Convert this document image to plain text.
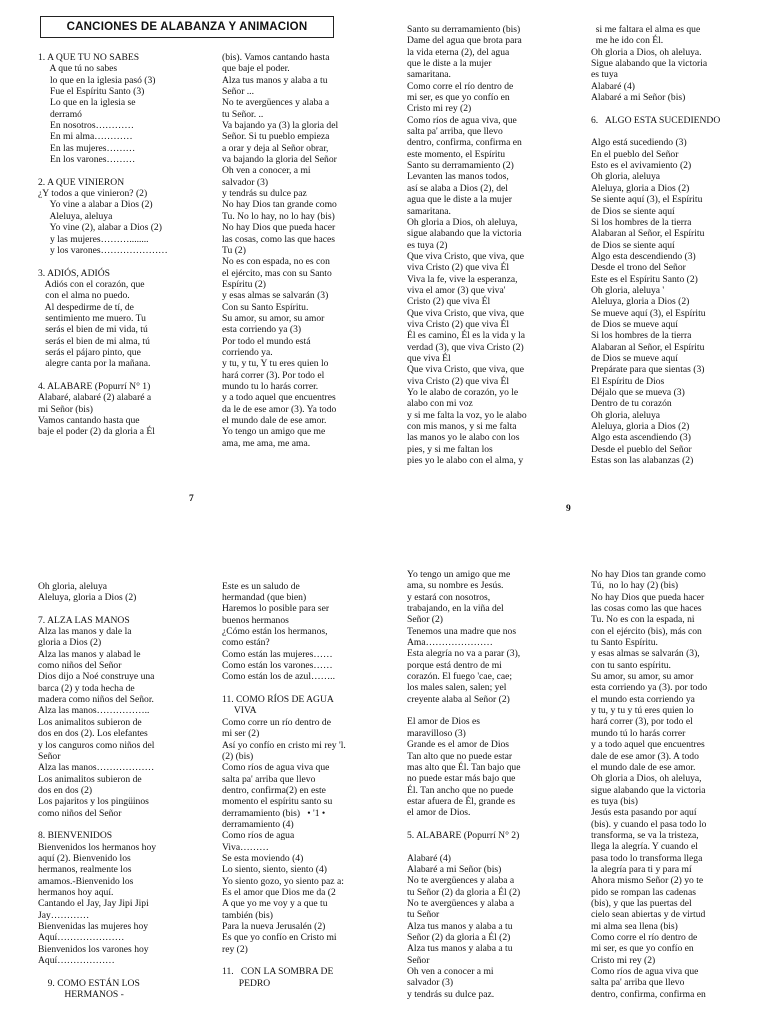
CANCIONES DE ALABANZA Y ANIMACION
1. A QUE TU NO SABES
A que tú no sabes
lo que en la iglesia pasó (3)
Fue el Espíritu Santo (3)
Lo que en la iglesia se
derramó
En nosotros…………
En mi alma…………
En las mujeres………
En los varones………

2. A QUE VINIERON
¿Y todos a que vinieron? (2)
Yo vine a alabar a Dios (2)
Aleluya, aleluya
Yo vine (2), alabar a Dios (2)
y las mujeres………........
y los varones…………………

3. ADIÓS, ADIÓS
Adiós con el corazón, que
con el alma no puedo.
Al despedirme de tí, de
sentimiento me muero. Tu
serás el bien de mi vida, tú
serás el bien de mi alma, tú
serás el pájaro pinto, que
alegre canta por la mañana.

4. ALABARE (Popurrí N° 1)
Alabaré, alabaré (2) alabaré a
mi Señor (bis)
Vamos cantando hasta que
baje el poder (2) da gloria a Él
(bis). Vamos cantando hasta
que baje el poder.
Alza tus manos y alaba a tu
Señor ...
No te avergüences y alaba a
tu Señor. ..
Va bajando ya (3) la gloria del
Señor. Si tu pueblo empieza
a orar y deja al Señor obrar,
va bajando la gloria del Señor
Oh ven a conocer, a mi
salvador (3)
y tendrás su dulce paz
No hay Dios tan grande como
Tu. No lo hay, no lo hay (bis)
No hay Dios que pueda hacer
las cosas, como las que haces
Tu (2)
No es con espada, no es con
el ejército, mas con su Santo
Espíritu (2)
y esas almas se salvarán (3)
Con su Santo Espíritu.
Su amor, su amor, su amor
esta corriendo ya (3)
Por todo el mundo está
corriendo ya.
y tu, y tu, Y tu eres quien lo
hará correr (3). Por todo el
mundo tu lo harás correr.
y a todo aquel que encuentres
da le de ese amor (3). Ya todo
el mundo dale de ese amor.
Yo tengo un amigo que me
ama, me ama, me ama.
Santo su derramamiento (bis)
Dame del agua que brota para
la vida eterna (2), del agua
que le diste a la mujer
samaritana.
Como corre el río dentro de
mi ser, es que yo confío en
Cristo mi rey (2)
Como ríos de agua viva, que
salta pa' arriba, que llevo
dentro, confirma, confirma en
este momento, el Espíritu
Santo su derramamiento (2)
Levanten las manos todos,
así se alaba a Dios (2), del
agua que le diste a la mujer
samaritana.
Oh gloria a Dios, oh aleluya,
sigue alabando que la victoria
es tuya (2)
Que viva Cristo, que viva, que
viva Cristo (2) que viva Él
Viva la fe, vive la esperanza,
viva el amor (3) que viva'
Cristo (2) que viva Él
Que viva Cristo, que viva, que
viva Cristo (2) que viva Él
Él es camino, Él es la vida y la
verdad (3), que viva Cristo (2)
que viva Él
Que viva Cristo, que viva, que
viva Cristo (2) que viva Él
Yo le alabo de corazón, yo le
alabo con mi voz
y si me falta la voz, yo le alabo
con mis manos, y si me falta
las manos yo le alabo con los
pies, y si me faltan los
pies yo le alabo con el alma, y
si me faltara el alma es que
me he ido con Él.
Oh gloria a Dios, oh aleluya.
Sigue alabando que la victoria
es tuya
Alabaré (4)
Alabaré a mi Señor (bis)

6.   ALGO ESTA SUCEDIENDO

Algo está sucediendo (3)
En el pueblo del Señor
Esto es el avivamiento (2)
Oh gloria, aleluya
Aleluya, gloria a Dios (2)
Se siente aquí (3), el Espíritu
de Dios se siente aquí
Si los hombres de la tierra
Alabaran al Señor, el Espíritu
de Dios se siente aquí
Algo esta descendiendo (3)
Desde el trono del Señor
Este es el Espíritu Santo (2)
Oh gloria, aleluya '
Aleluya, gloria a Dios (2)
Se mueve aquí (3), el Espíritu
de Dios se mueve aquí
Si los hombres de la tierra
Alabaran al Señor, el Espíritu
de Dios se mueve aquí
Prepárate para que sientas (3)
El Espíritu de Dios
Déjalo que se mueva (3)
Dentro de tu corazón
Oh gloria, aleluya
Aleluya, gloria a Dios (2)
Algo esta ascendiendo (3)
Desde el pueblo del Señor
Estas son las alabanzas (2)
7
9

Oh gloria, aleluya
Aleluya, gloria a Dios (2)

7. ALZA LAS MANOS
Alza las manos y dale la
gloria a Dios (2)
Alza las manos y alabad le
como niños del Señor
Dios dijo a Noé construye una
barca (2) y toda hecha de
madera como niños del Señor.
Alza las manos……………..
Los animalitos subieron de
dos en dos (2). Los elefantes
y los canguros como niños del
Señor
Alza las manos………………
Los animalitos subieron de
dos en dos (2)
Los pajaritos y los pingüinos
como niños del Señor

8. BIENVENIDOS
Bienvenidos los hermanos hoy
aquí (2). Bienvenido los
hermanos, realmente los
amamos.-Bienvenido los
hermanos hoy aquí.
Cantando el Jay, Jay Jipi Jipi
Jay…………
Bienvenidas las mujeres hoy
Aquí…………………
Bienvenidos los varones hoy
Aquí………………

9. COMO ESTÁN LOS
HERMANOS -

Este es un saludo de
hermandad (que bien)
Haremos lo posible para ser
buenos hermanos
¿Cómo están los hermanos,
como están?
Como están las mujeres……
Como están los varones……
Como están los de azul……..

11. COMO RÍOS DE AGUA
VIVA
Como corre un río dentro de
mi ser (2)
Así yo confío en cristo mi rey 'l.
(2) (bis)
Como ríos de agua viva que
salta pa' arriba que llevo
dentro, confirma(2) en este
momento el espíritu santo su
derramamiento (bis)   • '1 •
derramamiento (4)
Como ríos de agua
Viva………
Se esta moviendo (4)
Lo siento, siento, siento (4)
Yo siento gozo, yo siento paz a:
Es el amor que Dios me da (2
A que yo me voy y a que tu
también (bis)
Para la nueva Jerusalén (2)
Es que yo confío en Cristo mi
rey (2)

11.   CON LA SOMBRA DE
PEDRO
Yo tengo un amigo que me
ama, su nombre es Jesús.
y estará con nosotros,
trabajando, en la viña del
Señor (2)
Tenemos una madre que nos
Ama…………………
Esta alegría no va a parar (3),
porque está dentro de mi
corazón. El fuego 'cae, cae;
los males salen, salen; yel
creyente alaba al Señor (2)

El amor de Dios es
maravilloso (3)
Grande es el amor de Dios
Tan alto que no puede estar
mas alto que Él. Tan bajo que
no puede estar más bajo que
Él. Tan ancho que no puede
estar afuera de Él, grande es
el amor de Dios.

5. ALABARE (Popurrí N° 2)

Alabaré (4)
Alabaré a mi Señor (bis)
No te avergüences y alaba a
tu Señor (2) da gloria a Él (2)
No te avergüences y alaba a
tu Señor
Alza tus manos y alaba a tu
Señor (2) da gloria a Él (2)
Alza tus manos y alaba a tu
Señor
Oh ven a conocer a mi
salvador (3)
y tendrás su dulce paz.
No hay Dios tan grande como
Tú,  no lo hay (2) (bis)
No hay Dios que pueda hacer
las cosas como las que haces
Tu. No es con la espada, ni
con el ejército (bis), más con
tu Santo Espíritu.
y esas almas se salvarán (3),
con tu santo espíritu.
Su amor, su amor, su amor
esta corriendo ya (3). por todo
el mundo esta corriendo ya
y tu, y tu y tú eres quien lo
hará correr (3), por todo el
mundo tú lo harás correr
y a todo aquel que encuentres
dale de ese amor (3). A todo
el mundo dale de ese amor.
Oh gloria a Dios, oh aleluya,
sigue alabando que la victoria
es tuya (bis)
Jesús esta pasando por aquí
(bis). y cuando el pasa todo lo
transforma, se va la tristeza,
llega la alegría. Y cuando el
pasa todo lo transforma llega
la alegría para ti y para mí
Ahora mismo Señor (2) yo te
pido se rompan las cadenas
(bis), y que las puertas del
cielo sean abiertas y de virtud
mi alma sea llena (bis)
Como corre el río dentro de
mi ser, es que yo confío en
Cristo mi rey (2)
Como ríos de agua viva que
salta pa' arriba que llevo
dentro, confirma, confirma en
